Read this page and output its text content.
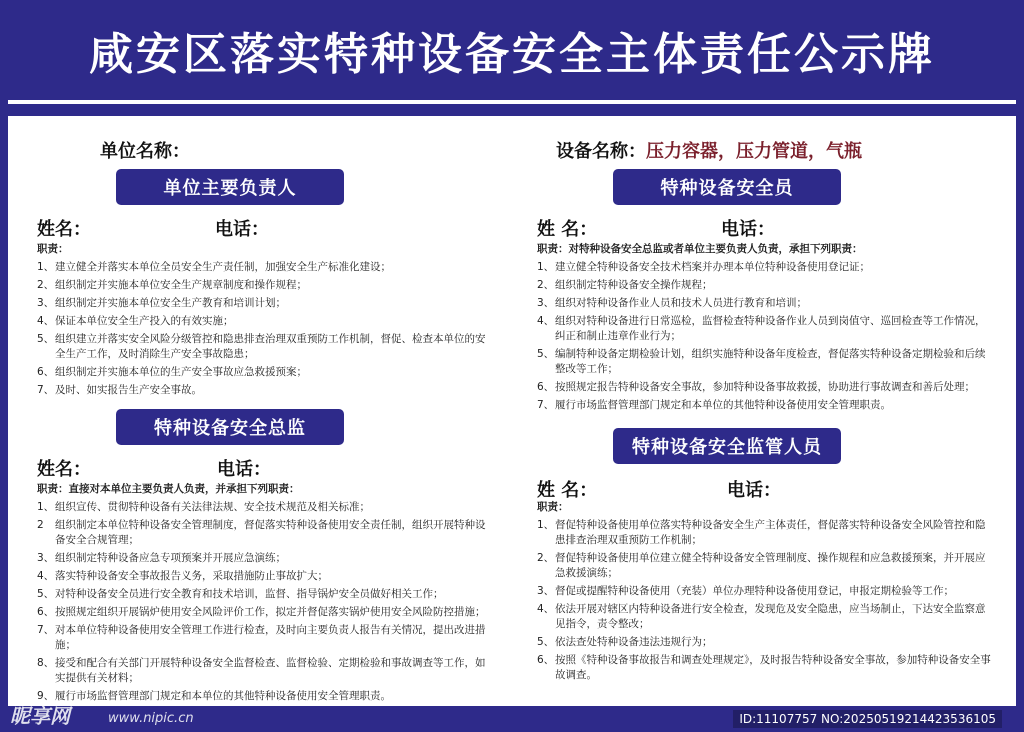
咸安区落实特种设备安全主体责任公示牌
单位名称：	设备名称：压力容器，压力管道，气瓶
单位主要负责人
姓名：	电话：
职责：
1、 建立健全并落实本单位全员安全生产责任制，加强安全生产标准化建设；
2、 组织制定并实施本单位安全生产规章制度和操作规程；
3、 组织制定并实施本单位安全生产教育和培训计划；
4、 保证本单位安全生产投入的有效实施；
5、 组织建立并落实安全风险分级管控和隐患排查治理双重预防工作机制，督促、检查本单位的安全生产工作，及时消除生产安全事故隐患；
6、 组织制定并实施本单位的生产安全事故应急救援预案；
7、 及时、如实报告生产安全事故。
特种设备安全总监
姓名：	电话：
职责：直接对本单位主要负责人负责，并承担下列职责：
1、 组织宣传、贯彻特种设备有关法律法规、安全技术规范及相关标准；
2	组织制定本单位特种设备安全管理制度，督促落实特种设备使用安全责任制，组织开展特种设备安全合规管理；
3、 组织制定特种设备应急专项预案并开展应急演练；
4、 落实特种设备安全事故报告义务，采取措施防止事故扩大；
5、 对特种设备安全员进行安全教育和技术培训，监督、指导锅炉安全员做好相关工作；
6、 按照规定组织开展锅炉使用安全风险评价工作，拟定并督促落实锅炉使用安全风险防控措施；
7、 对本单位特种设备使用安全管理工作进行检查，及时向主要负责人报告有关情况，提出改进措施；
8、 接受和配合有关部门开展特种设备安全监督检查、监督检验、定期检验和事故调查等工作，如实提供有关材料；
9、 履行市场监督管理部门规定和本单位的其他特种设备使用安全管理职责。
特种设备安全员
姓 名：	电话：
职责：对特种设备安全总监或者单位主要负责人负责，承担下列职责：
1、 建立健全特种设备安全技术档案并办理本单位特种设备使用登记证；
2、 组织制定特种设备安全操作规程；
3、 组织对特种设备作业人员和技术人员进行教育和培训；
4、 组织对特种设备进行日常巡检，监督检查特种设备作业人员到岗值守、巡回检查等工作情况，纠正和制止违章作业行为；
5、 编制特种设备定期检验计划，组织实施特种设备年度检查，督促落实特种设备定期检验和后续整改等工作；
6、 按照规定报告特种设备安全事故，参加特种设备事故救援，协助进行事故调查和善后处理；
7、 履行市场监督管理部门规定和本单位的其他特种设备使用安全管理职责。
特种设备安全监管人员
姓 名：	电话：
职责：
1、 督促特种设备使用单位落实特种设备安全生产主体责任，督促落实特种设备安全风险管控和隐患排查治理双重预防工作机制；
2、 督促特种设备使用单位建立健全特种设备安全管理制度、操作规程和应急救援预案，并开展应急救援演练；
3、 督促或提醒特种设备使用（充装）单位办理特种设备使用登记，申报定期检验等工作；
4、 依法开展对辖区内特种设备进行安全检查，发现危及安全隐患，应当场制止，下达安全监察意见指令，责令整改；
5、 依法查处特种设备违法违规行为；
6、 按照《特种设备事故报告和调查处理规定》，及时报告特种设备安全事故，参加特种设备安全事故调查。
昵享网	www.nipic.cn	ID:11107757 NO:20250519214423536105
